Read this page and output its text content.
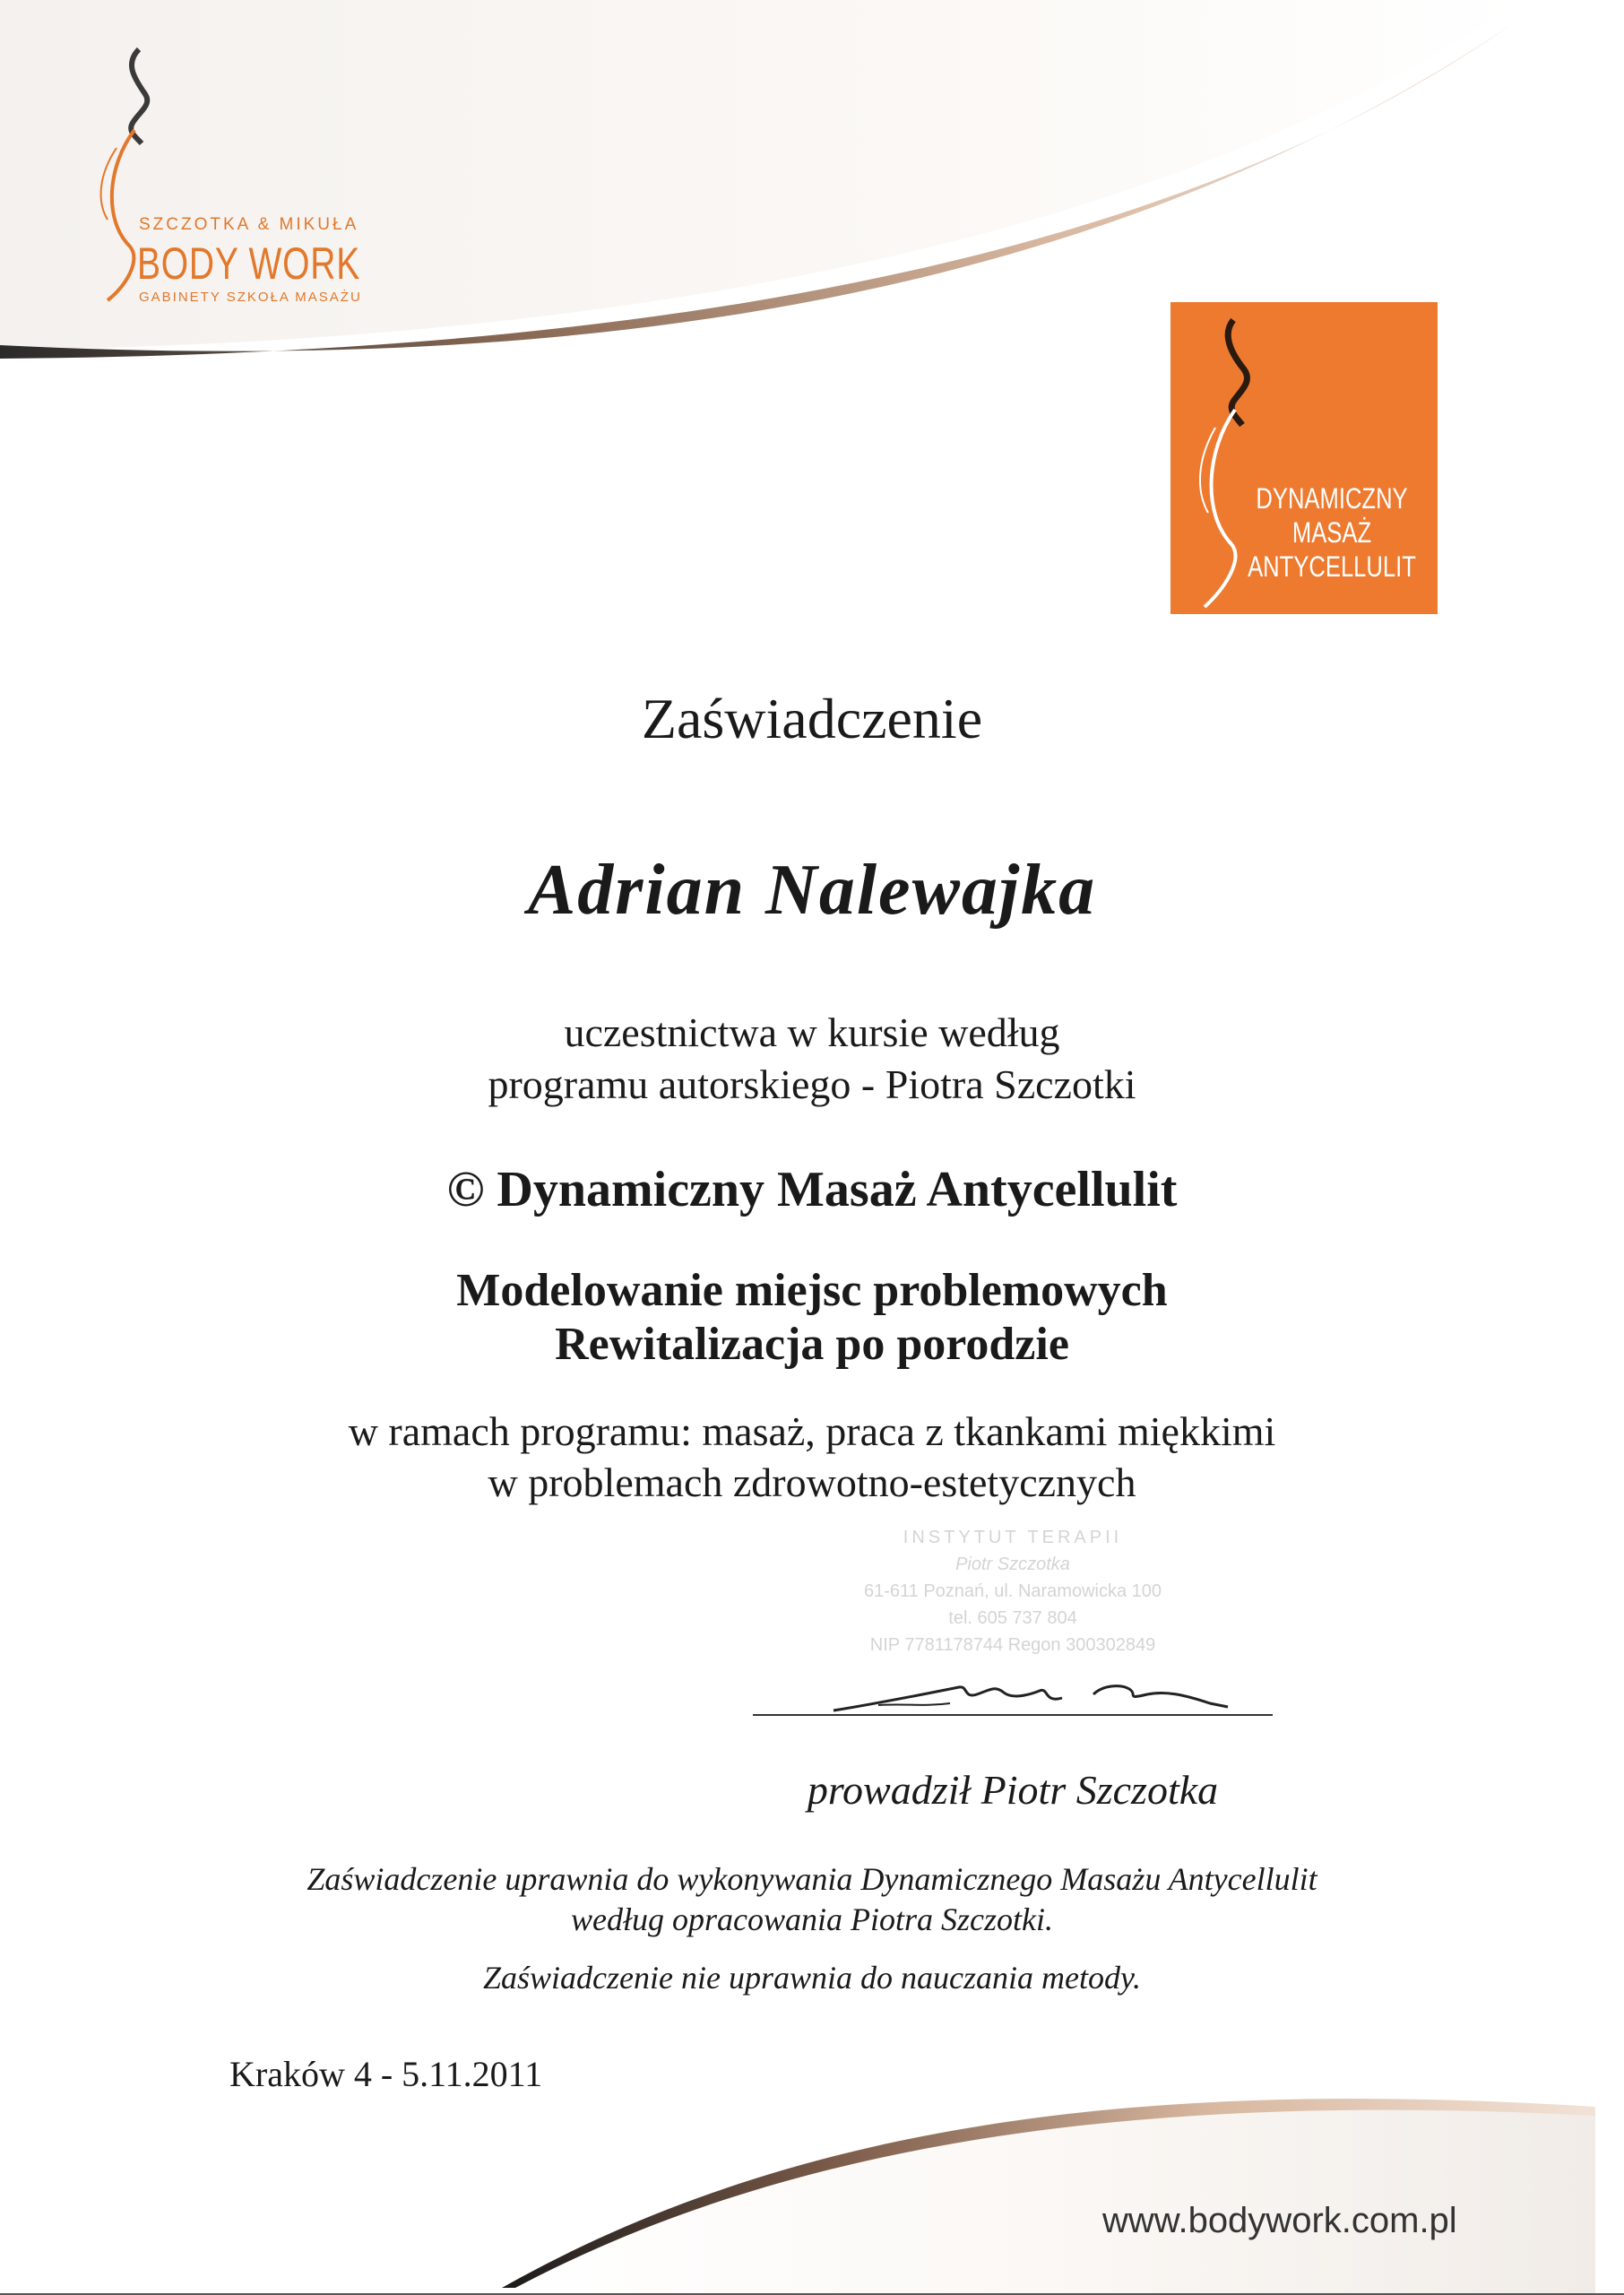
SZCZOTKA & MIKUŁA
BODY WORK
GABINETY SZKOŁA MASAŻU
DYNAMICZNY
MASAŻ
ANTYCELLULIT
Zaświadczenie
Adrian Nalewajka
uczestnictwa w kursie według
programu autorskiego - Piotra Szczotki
© Dynamiczny Masaż Antycellulit
Modelowanie miejsc problemowych
Rewitalizacja po porodzie
w ramach programu: masaż, praca z tkankami miękkimi
w problemach zdrowotno-estetycznych
INSTYTUT TERAPII
Piotr Szczotka
61-611 Poznań, ul. Naramowicka 100
tel. 605 737 804
NIP 7781178744 Regon 300302849
prowadził Piotr Szczotka
Zaświadczenie uprawnia do wykonywania Dynamicznego Masażu Antycellulit
według opracowania Piotra Szczotki.
Zaświadczenie nie uprawnia do nauczania metody.
Kraków 4 - 5.11.2011
www.bodywork.com.pl
